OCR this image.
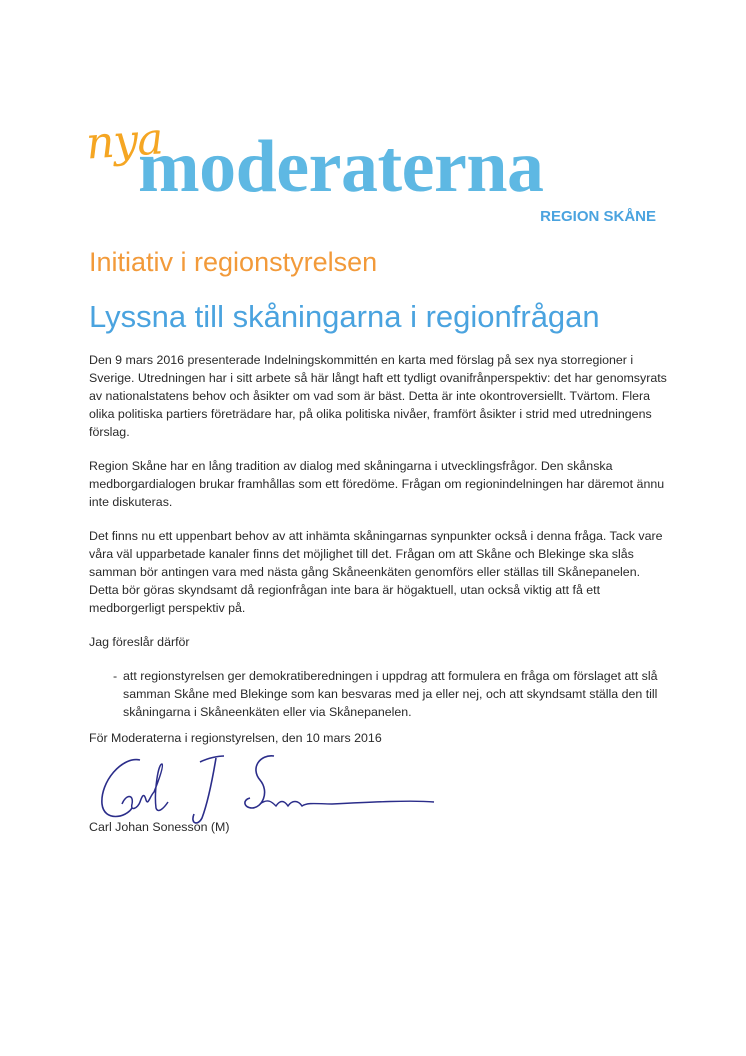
nya
moderaterna
REGION SKÅNE
Initiativ i regionstyrelsen
Lyssna till skåningarna i regionfrågan

Den 9 mars 2016 presenterade Indelningskommittén en karta med förslag på sex nya storregioner i Sverige. Utredningen har i sitt arbete så här långt haft ett tydligt ovanifrånperspektiv: det har genomsyrats av nationalstatens behov och åsikter om vad som är bäst. Detta är inte okontroversiellt. Tvärtom. Flera olika politiska partiers företrädare har, på olika politiska nivåer, framfört åsikter i strid med utredningens förslag.

Region Skåne har en lång tradition av dialog med skåningarna i utvecklingsfrågor. Den skånska medborgardialogen brukar framhållas som ett föredöme. Frågan om regionindelningen har däremot ännu inte diskuteras.

Det finns nu ett uppenbart behov av att inhämta skåningarnas synpunkter också i denna fråga. Tack vare våra väl upparbetade kanaler finns det möjlighet till det. Frågan om att Skåne och Blekinge ska slås samman bör antingen vara med nästa gång Skåneenkäten genomförs eller ställas till Skånepanelen. Detta bör göras skyndsamt då regionfrågan inte bara är högaktuell, utan också viktig att få ett medborgerligt perspektiv på.

Jag föreslår därför

- att regionstyrelsen ger demokratiberedningen i uppdrag att formulera en fråga om förslaget att slå samman Skåne med Blekinge som kan besvaras med ja eller nej, och att skyndsamt ställa den till skåningarna i Skåneenkäten eller via Skånepanelen.
För Moderaterna i regionstyrelsen, den 10 mars 2016
Carl Johan Sonesson (M)
